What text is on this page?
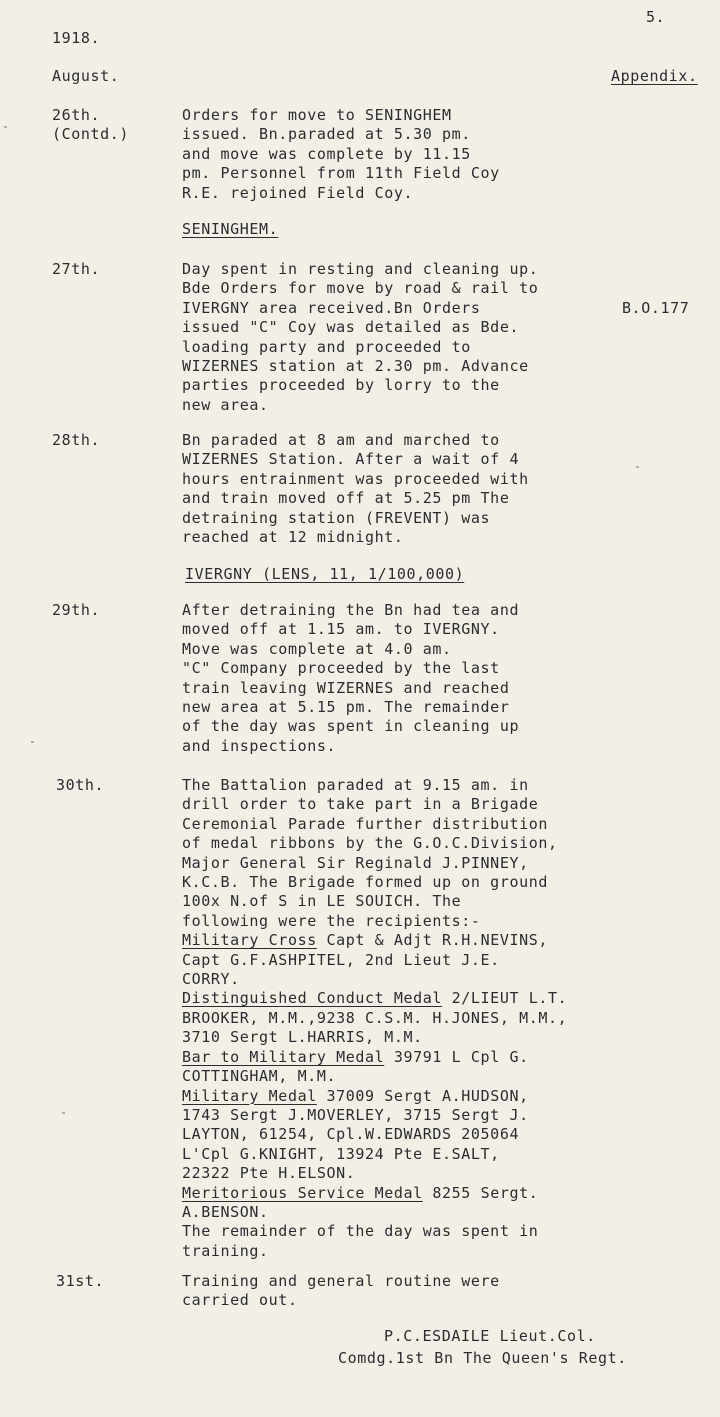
5.
1918.
August.	Appendix.
26th.
(Contd.)
Orders for move to SENINGHEM
issued. Bn.paraded at 5.30 pm.
and move was complete by 11.15
pm. Personnel from 11th Field Coy
R.E. rejoined Field Coy.
SENINGHEM.
27th.	Day spent in resting and cleaning up.
Bde Orders for move by road & rail to
IVERGNY area received.Bn Orders
issued "C" Coy was detailed as Bde.
loading party and proceeded to
WIZERNES station at 2.30 pm. Advance
parties proceeded by lorry to the
new area.
B.O.177
28th.	Bn paraded at 8 am and marched to
WIZERNES Station. After a wait of 4
hours entrainment was proceeded with
and train moved off at 5.25 pm The
detraining station (FREVENT) was
reached at 12 midnight.
IVERGNY (LENS, 11, 1/100,000)
29th.	After detraining the Bn had tea and
moved off at 1.15 am. to IVERGNY.
Move was complete at 4.0 am.
"C" Company proceeded by the last
train leaving WIZERNES and reached
new area at 5.15 pm. The remainder
of the day was spent in cleaning up
and inspections.
30th.	The Battalion paraded at 9.15 am. in
drill order to take part in a Brigade
Ceremonial Parade further distribution
of medal ribbons by the G.O.C.Division,
Major General Sir Reginald J.PINNEY,
K.C.B. The Brigade formed up on ground
100x N.of S in LE SOUICH. The
following were the recipients:-
Military Cross Capt & Adjt R.H.NEVINS,
Capt G.F.ASHPITEL, 2nd Lieut J.E.
CORRY.
Distinguished Conduct Medal 2/LIEUT L.T.
BROOKER, M.M.,9238 C.S.M. H.JONES, M.M.,
3710 Sergt L.HARRIS, M.M.
Bar to Military Medal 39791 L Cpl G.
COTTINGHAM, M.M.
Military Medal 37009 Sergt A.HUDSON,
1743 Sergt J.MOVERLEY, 3715 Sergt J.
LAYTON, 61254, Cpl.W.EDWARDS 205064
L'Cpl G.KNIGHT, 13924 Pte E.SALT,
22322 Pte H.ELSON.
Meritorious Service Medal 8255 Sergt.
A.BENSON.
The remainder of the day was spent in
training.
31st.	Training and general routine were
carried out.
P.C.ESDAILE Lieut.Col.
Comdg.1st Bn The Queen's Regt.
